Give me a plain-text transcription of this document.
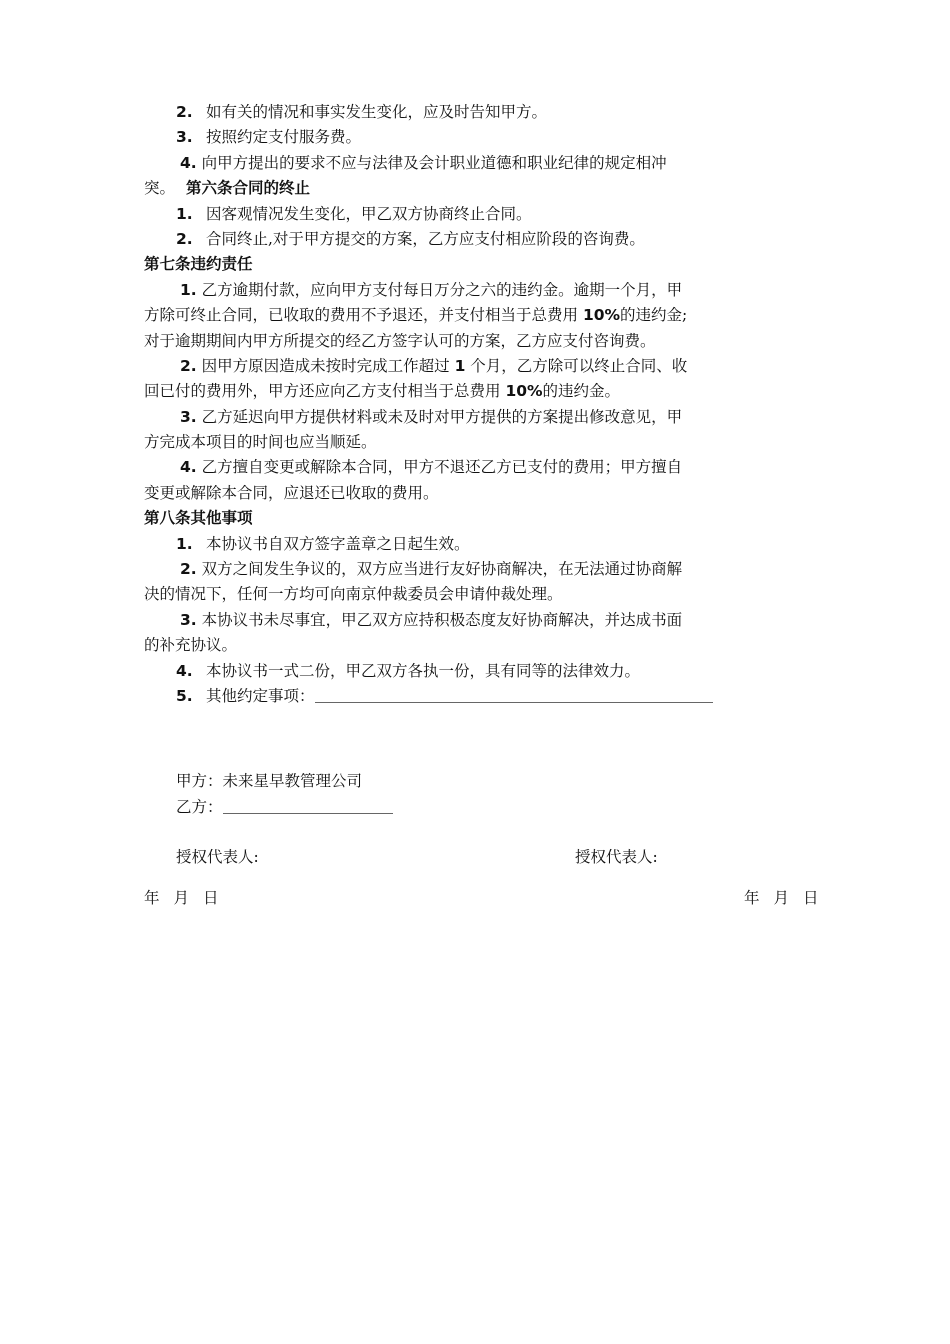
2. 如有关的情况和事实发生变化，应及时告知甲方。
3. 按照约定支付服务费。
4. 向甲方提出的要求不应与法律及会计职业道德和职业纪律的规定相冲
突。 第六条合同的终止
1. 因客观情况发生变化，甲乙双方协商终止合同。
2. 合同终止,对于甲方提交的方案，乙方应支付相应阶段的咨询费。
第七条违约责任
1. 乙方逾期付款，应向甲方支付每日万分之六的违约金。逾期一个月，甲
方除可终止合同，已收取的费用不予退还，并支付相当于总费用 10%的违约金;
对于逾期期间内甲方所提交的经乙方签字认可的方案，乙方应支付咨询费。
2. 因甲方原因造成未按时完成工作超过 1 个月，乙方除可以终止合同、收
回已付的费用外，甲方还应向乙方支付相当于总费用 10%的违约金。
3. 乙方延迟向甲方提供材料或未及时对甲方提供的方案提出修改意见，甲
方完成本项目的时间也应当顺延。
4. 乙方擅自变更或解除本合同，甲方不退还乙方已支付的费用；甲方擅自
变更或解除本合同，应退还已收取的费用。
第八条其他事项
1. 本协议书自双方签字盖章之日起生效。
2. 双方之间发生争议的，双方应当进行友好协商解决，在无法通过协商解
决的情况下，任何一方均可向南京仲裁委员会申请仲裁处理。
3. 本协议书未尽事宜，甲乙双方应持积极态度友好协商解决，并达成书面
的补充协议。
4. 本协议书一式二份，甲乙双方各执一份，具有同等的法律效力。
5. 其他约定事项：
甲方：未来星早教管理公司
乙方：
授权代表人:	授权代表人:
年 月 日	年 月 日
